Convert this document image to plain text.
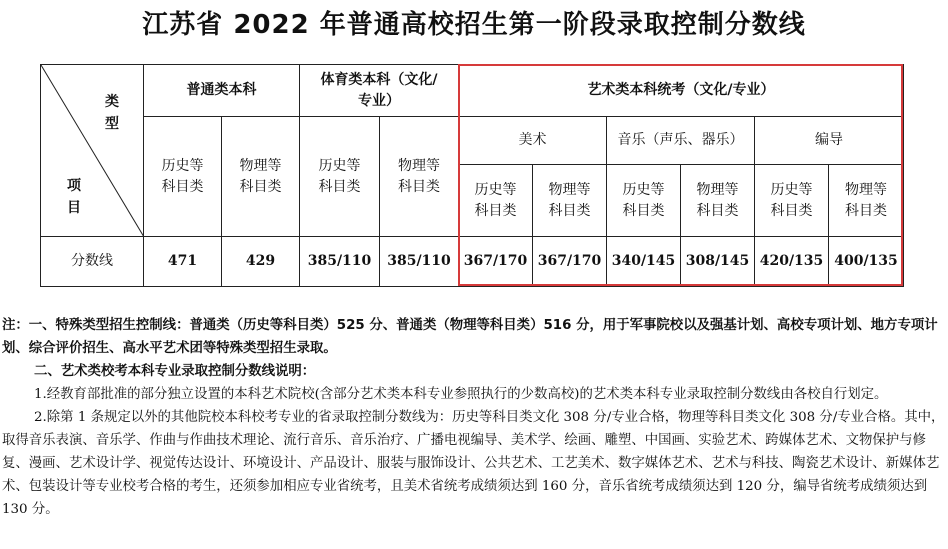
江苏省 2022 年普通高校招生第一阶段录取控制分数线
类
型
项
目	普通类本科		体育类本科（文化/专业）		艺术类本科统考（文化/专业）					
	历史等科目类	物理等科目类	历史等科目类	物理等科目类	美术		音乐（声乐、器乐）		编导	
					历史等科目类	物理等科目类	历史等科目类	物理等科目类	历史等科目类	物理等科目类
分数线	471	429	385/110	385/110	367/170	367/170	340/145	308/145	420/135	400/135

注：一、特殊类型招生控制线：普通类（历史等科目类）525 分、普通类（物理等科目类）516 分，用于军事院校以及强基计划、高校专项计划、地方专项计划、综合评价招生、高水平艺术团等特殊类型招生录取。

二、艺术类校考本科专业录取控制分数线说明：

1.经教育部批准的部分独立设置的本科艺术院校(含部分艺术类本科专业参照执行的少数高校)的艺术类本科专业录取控制分数线由各校自行划定。

2.除第 1 条规定以外的其他院校本科校考专业的省录取控制分数线为：历史等科目类文化 308 分/专业合格，物理等科目类文化 308 分/专业合格。其中，取得音乐表演、音乐学、作曲与作曲技术理论、流行音乐、音乐治疗、广播电视编导、美术学、绘画、雕塑、中国画、实验艺术、跨媒体艺术、文物保护与修复、漫画、艺术设计学、视觉传达设计、环境设计、产品设计、服装与服饰设计、公共艺术、工艺美术、数字媒体艺术、艺术与科技、陶瓷艺术设计、新媒体艺术、包装设计等专业校考合格的考生，还须参加相应专业省统考，且美术省统考成绩须达到 160 分，音乐省统考成绩须达到 120 分，编导省统考成绩须达到 130 分。
